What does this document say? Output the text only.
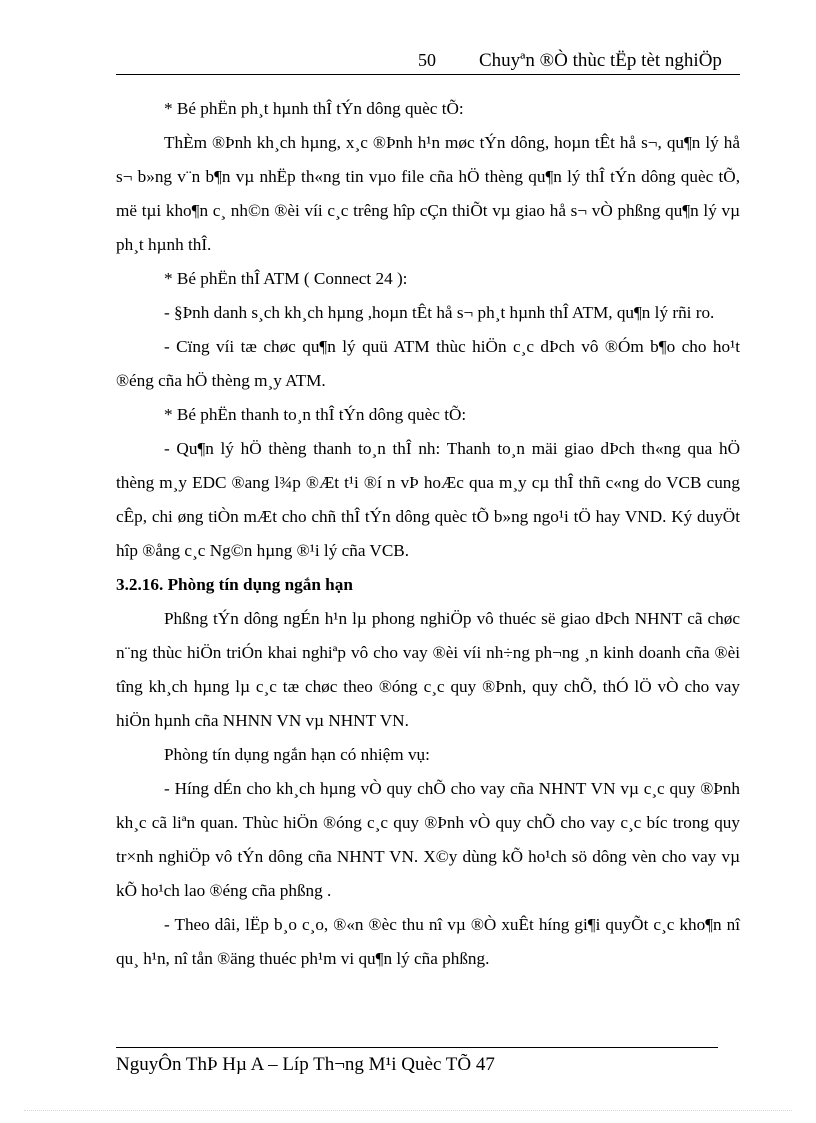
50 Chuyªn ®Ò thùc tËp tèt nghiÖp

* Bé phËn ph¸t hµnh thÎ tÝn dông quèc tÕ:

ThÈm ®Þnh kh¸ch hµng, x¸c ®Þnh h¹n møc tÝn dông, hoµn tÊt hå s¬, qu¶n lý hå s¬ b»ng v¨n b¶n vµ nhËp th«ng tin vµo file cña hÖ thèng qu¶n lý thÎ tÝn dông quèc tÕ, më tµi kho¶n c¸ nh©n ®èi víi c¸c trêng hîp cÇn thiÕt vµ giao hå s¬ vÒ phßng qu¶n lý vµ ph¸t hµnh thÎ.

* Bé phËn thÎ ATM ( Connect 24 ):

- §Þnh danh s¸ch kh¸ch hµng ,hoµn tÊt hå s¬ ph¸t hµnh thÎ ATM, qu¶n lý rñi ro.

- Cïng víi tæ chøc qu¶n lý quü ATM thùc hiÖn c¸c dÞch vô ®Óm b¶o cho ho¹t ®éng cña hÖ thèng m¸y ATM.

* Bé phËn thanh to¸n thÎ tÝn dông quèc tÕ:

- Qu¶n lý hÖ thèng thanh to¸n thÎ nh: Thanh to¸n mäi giao dÞch th«ng qua hÖ thèng m¸y EDC ®ang l¾p ®Æt t¹i ®í n vÞ hoÆc qua m¸y cµ thÎ thñ c«ng do VCB cung cÊp, chi øng tiÒn mÆt cho chñ thÎ tÝn dông quèc tÕ b»ng ngo¹i tÖ hay VND. Ký duyÖt hîp ®ång c¸c Ng©n hµng ®¹i lý cña VCB.

3.2.16. Phòng tín dụng ngắn hạn

Phßng tÝn dông ngÉn h¹n lµ phong nghiÖp vô thuéc së giao dÞch NHNT cã chøc n¨ng thùc hiÖn triÓn khai nghiªp vô cho vay ®èi víi nh÷ng ph¬ng ¸n kinh doanh cña ®èi tîng kh¸ch hµng lµ c¸c tæ chøc theo ®óng c¸c quy ®Þnh, quy chÕ, thÓ lÖ vÒ cho vay hiÖn hµnh cña NHNN VN vµ NHNT VN.

Phòng tín dụng ngắn hạn có nhiệm vụ:

- Híng dÉn cho kh¸ch hµng vÒ quy chÕ cho vay cña NHNT VN vµ c¸c quy ®Þnh kh¸c cã liªn quan. Thùc hiÖn ®óng c¸c quy ®Þnh vÒ quy chÕ cho vay c¸c bíc trong quy tr×nh nghiÖp vô tÝn dông cña NHNT VN. X©y dùng kÕ ho¹ch sö dông vèn cho vay vµ kÕ ho¹ch lao ®éng cña phßng .

- Theo dâi, lËp b¸o c¸o, ®«n ®èc thu nî vµ ®Ò xuÊt híng gi¶i quyÕt c¸c kho¶n nî qu¸ h¹n, nî tån ®äng thuéc ph¹m vi qu¶n lý cña phßng.

NguyÔn ThÞ Hµ A – Líp Th¬ng M¹i Quèc TÕ 47
